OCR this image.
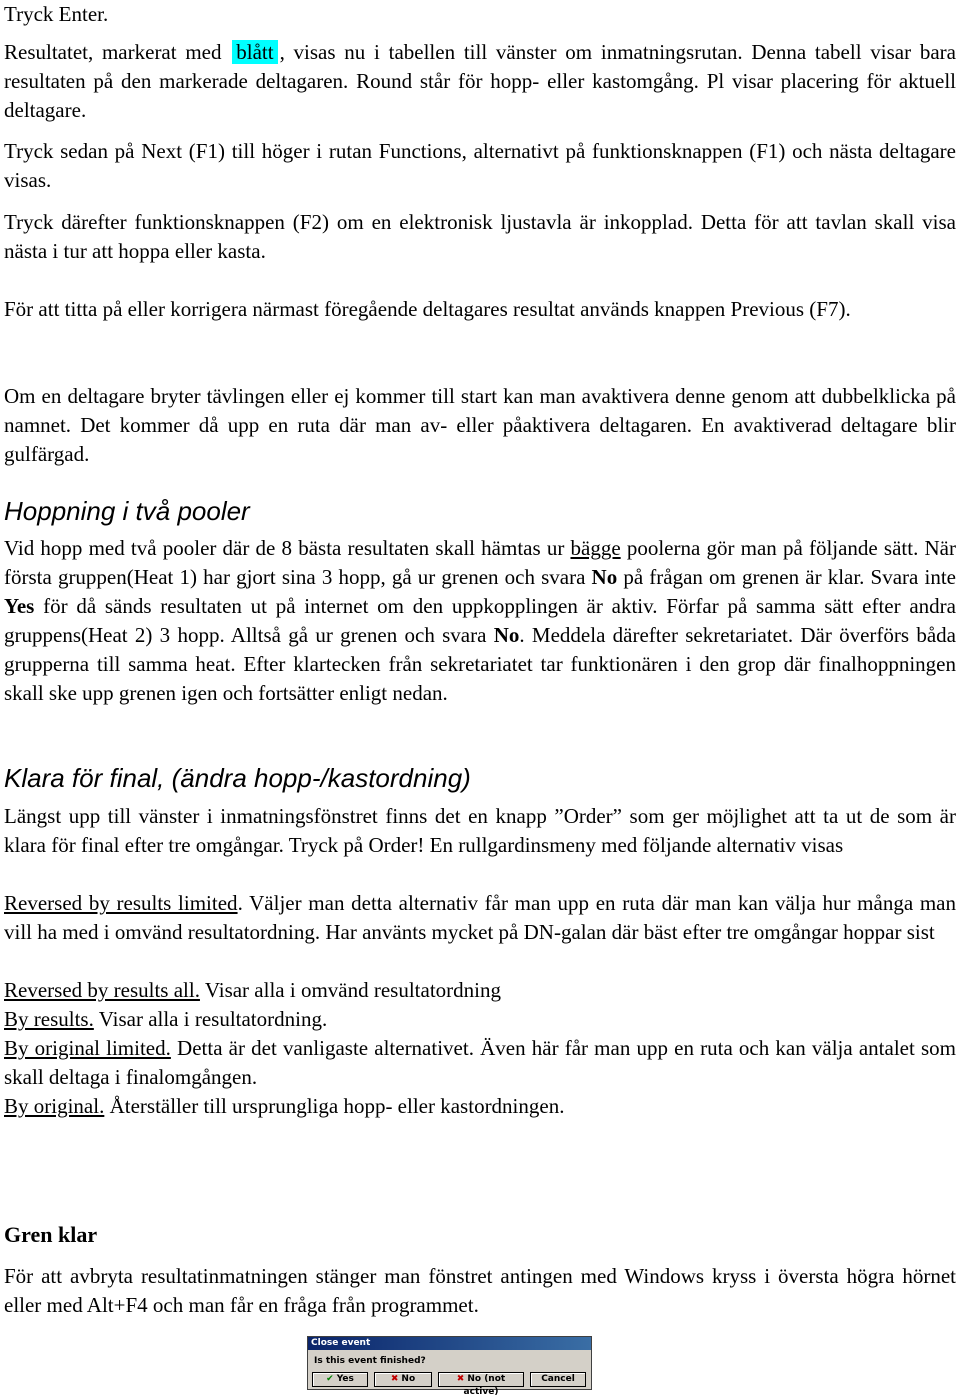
Tryck Enter.

Resultatet, markerat med blått , visas nu i tabellen till vänster om inmatningsrutan. Denna tabell visar bara resultaten på den markerade deltagaren. Round står för hopp- eller kastomgång. Pl visar placering för aktuell deltagare.

Tryck sedan på Next (F1) till höger i rutan Functions, alternativt på funktionsknappen (F1) och nästa deltagare visas.

Tryck därefter funktionsknappen (F2) om en elektronisk ljustavla är inkopplad. Detta för att tavlan skall visa nästa i tur att hoppa eller kasta.

För att titta på eller korrigera närmast föregående deltagares resultat används knappen Previous (F7).

Om en deltagare bryter tävlingen eller ej kommer till start kan man avaktivera denne genom att dubbelklicka på namnet. Det kommer då upp en ruta där man av- eller påaktivera deltagaren. En avaktiverad deltagare blir gulfärgad.

Hoppning i två pooler

Vid hopp med två pooler där de 8 bästa resultaten skall hämtas ur bägge poolerna gör man på följande sätt. När första gruppen(Heat 1) har gjort sina 3 hopp, gå ur grenen och svara No på frågan om grenen är klar. Svara inte Yes för då sänds resultaten ut på internet om den uppkopplingen är aktiv. Förfar på samma sätt efter andra gruppens(Heat 2) 3 hopp. Alltså gå ur grenen och svara No. Meddela därefter sekretariatet. Där överförs båda grupperna till samma heat. Efter klartecken från sekretariatet tar funktionären i den grop där finalhoppningen skall ske upp grenen igen och fortsätter enligt nedan.

Klara för final, (ändra hopp-/kastordning)

Längst upp till vänster i inmatningsfönstret finns det en knapp ”Order” som ger möjlighet att ta ut de som är klara för final efter tre omgångar. Tryck på Order! En rullgardinsmeny med följande alternativ visas

Reversed by results limited. Väljer man detta alternativ får man upp en ruta där man kan välja hur många man vill ha med i omvänd resultatordning. Har använts mycket på DN-galan där bäst efter tre omgångar hoppar sist

Reversed by results all. Visar alla i omvänd resultatordning

By results. Visar alla i resultatordning.

By original limited. Detta är det vanligaste alternativet. Även här får man upp en ruta och kan välja antalet som skall deltaga i finalomgången.

By original. Återställer till ursprungliga hopp- eller kastordningen.

Gren klar

För att avbryta resultatinmatningen stänger man fönstret antingen med Windows kryss i översta högra hörnet eller med Alt+F4 och man får en fråga från programmet.

Close event
Is this event finished?
✔ Yes	✖ No	✖ No (not active)
Cancel
